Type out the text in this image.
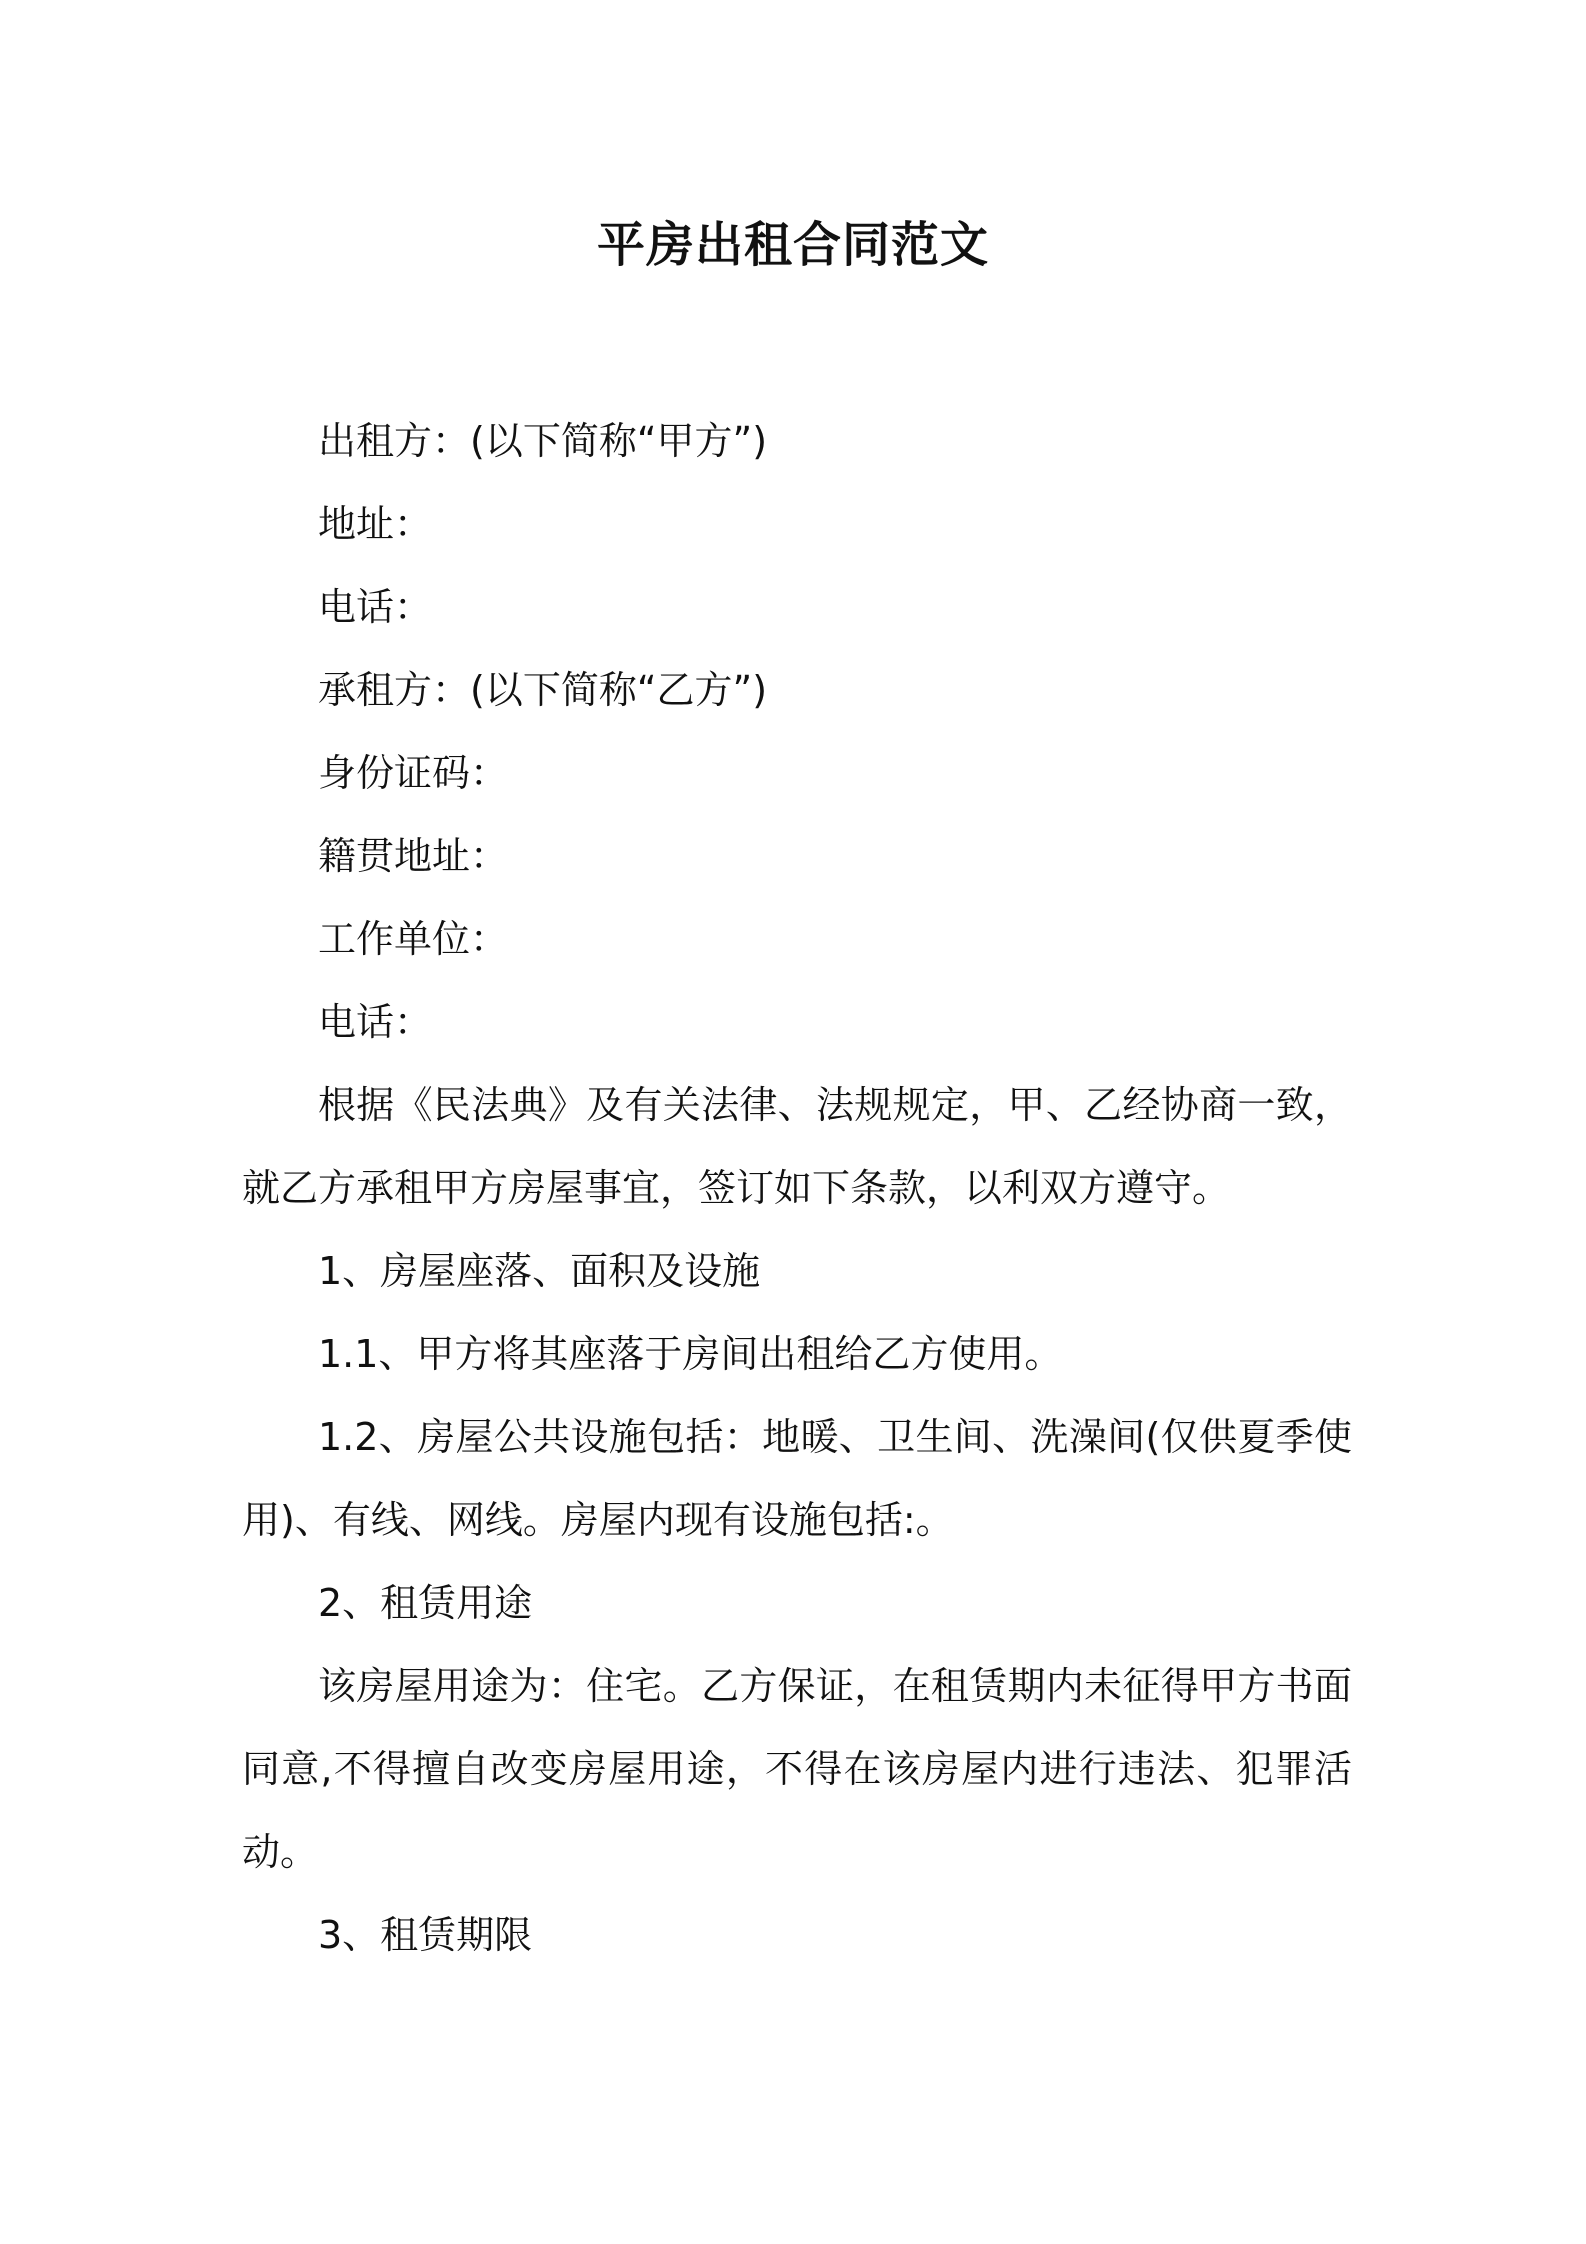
平房出租合同范文

出租方：(以下简称“甲方”)

地址：

电话：

承租方：(以下简称“乙方”)

身份证码：

籍贯地址：

工作单位：

电话：

根据《民法典》及有关法律、法规规定，甲、乙经协商一致，就乙方承租甲方房屋事宜，签订如下条款，以利双方遵守。

1、房屋座落、面积及设施

1.1、甲方将其座落于房间出租给乙方使用。

1.2、房屋公共设施包括：地暖、卫生间、洗澡间(仅供夏季使用)、有线、网线。房屋内现有设施包括:。

2、租赁用途

该房屋用途为：住宅。乙方保证，在租赁期内未征得甲方书面同意,不得擅自改变房屋用途，不得在该房屋内进行违法、犯罪活动。

3、租赁期限
